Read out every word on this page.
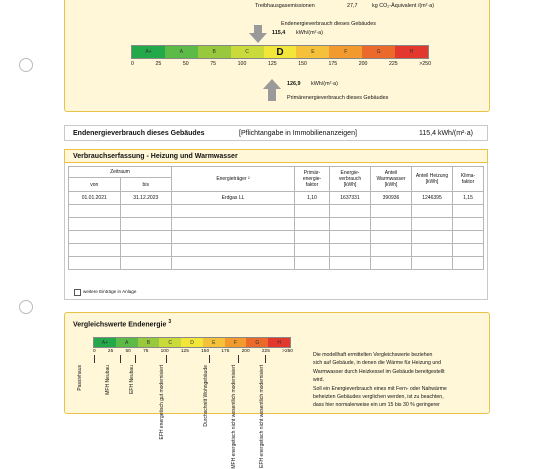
Treibhausgasemissionen	27,7	kg CO₂-Äquivalent /(m²·a)
Endenergieverbrauch dieses Gebäudes
115,4 kWh/(m²·a)
A+	A	B	C	D	E	F	G	H
0	25	50	75	100	125	150	175	200	225	>250
126,9 kWh/(m²·a)
Primärenergieverbrauch dieses Gebäudes
Endenergieverbrauch dieses Gebäudes	[Pflichtangabe in Immobilienanzeigen]	115,4 kWh/(m²·a)
Verbrauchserfassung - Heizung und Warmwasser
Zeitraum		Energieträger ²	Primär-energie-faktor	Energie-verbrauch [kWh]	Anteil Warmwasser [kWh]	Anteil Heizung [kWh]	Klima-faktor
von	bis						
01.01.2021	31.12.2023	Erdgas LL	1,10	1637331	390936	1246395	1,15

weitere Einträge in Anlage
Vergleichswerte Endenergie $^3$
A+	A	B	C	D	E	F	G	H
0	25	50	75	100	125	150	175	200	225	>250
Passivhaus	MFH Neubau	EFH Neubau	EFH energetisch gut modernisiert	Durchschnitt Wohngebäude	MFH energetisch nicht wesentlich modernisiert	EFH energetisch nicht wesentlich modernisiert
Die modellhaft ermittelten Vergleichswerte beziehen
sich auf Gebäude, in denen die Wärme für Heizung und
Warmwasser durch Heizkessel im Gebäude bereitgestellt
wird.
Soll ein Energieverbrauch eines mit Fern- oder Nahwärme
beheizten Gebäudes verglichen werden, ist zu beachten,
dass hier normalerweise ein um 15 bis 30 % geringerer
